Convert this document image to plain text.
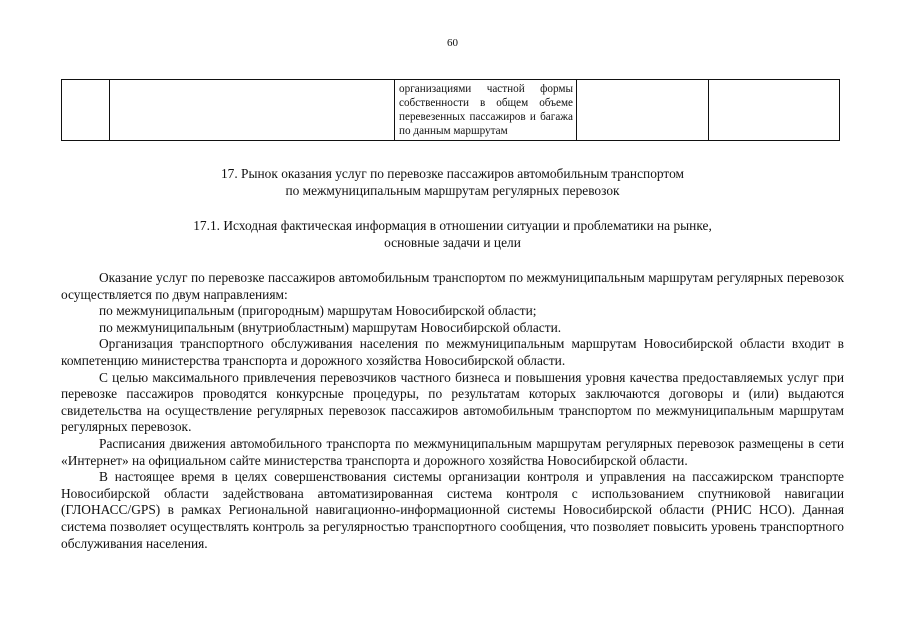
60
		организациями частной формы собственности в общем объеме перевезенных пассажиров и багажа по данным маршрутам		
17. Рынок оказания услуг по перевозке пассажиров автомобильным транспортом
по межмуниципальным маршрутам регулярных перевозок
17.1. Исходная фактическая информация в отношении ситуации и проблематики на рынке,
основные задачи и цели

Оказание услуг по перевозке пассажиров автомобильным транспортом по межмуниципальным маршрутам регулярных перевозок осуществляется по двум направлениям:

по межмуниципальным (пригородным) маршрутам Новосибирской области;

по межмуниципальным (внутриобластным) маршрутам Новосибирской области.

Организация транспортного обслуживания населения по межмуниципальным маршрутам Новосибирской области входит в компетенцию министерства транспорта и дорожного хозяйства Новосибирской области.

С целью максимального привлечения перевозчиков частного бизнеса и повышения уровня качества предоставляемых услуг при перевозке пассажиров проводятся конкурсные процедуры, по результатам которых заключаются договоры и (или) выдаются свидетельства на осуществление регулярных перевозок пассажиров автомобильным транспортом по межмуниципальным маршрутам регулярных перевозок.

Расписания движения автомобильного транспорта по межмуниципальным маршрутам регулярных перевозок размещены в сети «Интернет» на официальном сайте министерства транспорта и дорожного хозяйства Новосибирской области.

В настоящее время в целях совершенствования системы организации контроля и управления на пассажирском транспорте Новосибирской области задействована автоматизированная система контроля с использованием спутниковой навигации (ГЛОНАСС/GPS) в рамках Региональной навигационно-информационной системы Новосибирской области (РНИС НСО). Данная система позволяет осуществлять контроль за регулярностью транспортного сообщения, что позволяет повысить уровень транспортного обслуживания населения.
